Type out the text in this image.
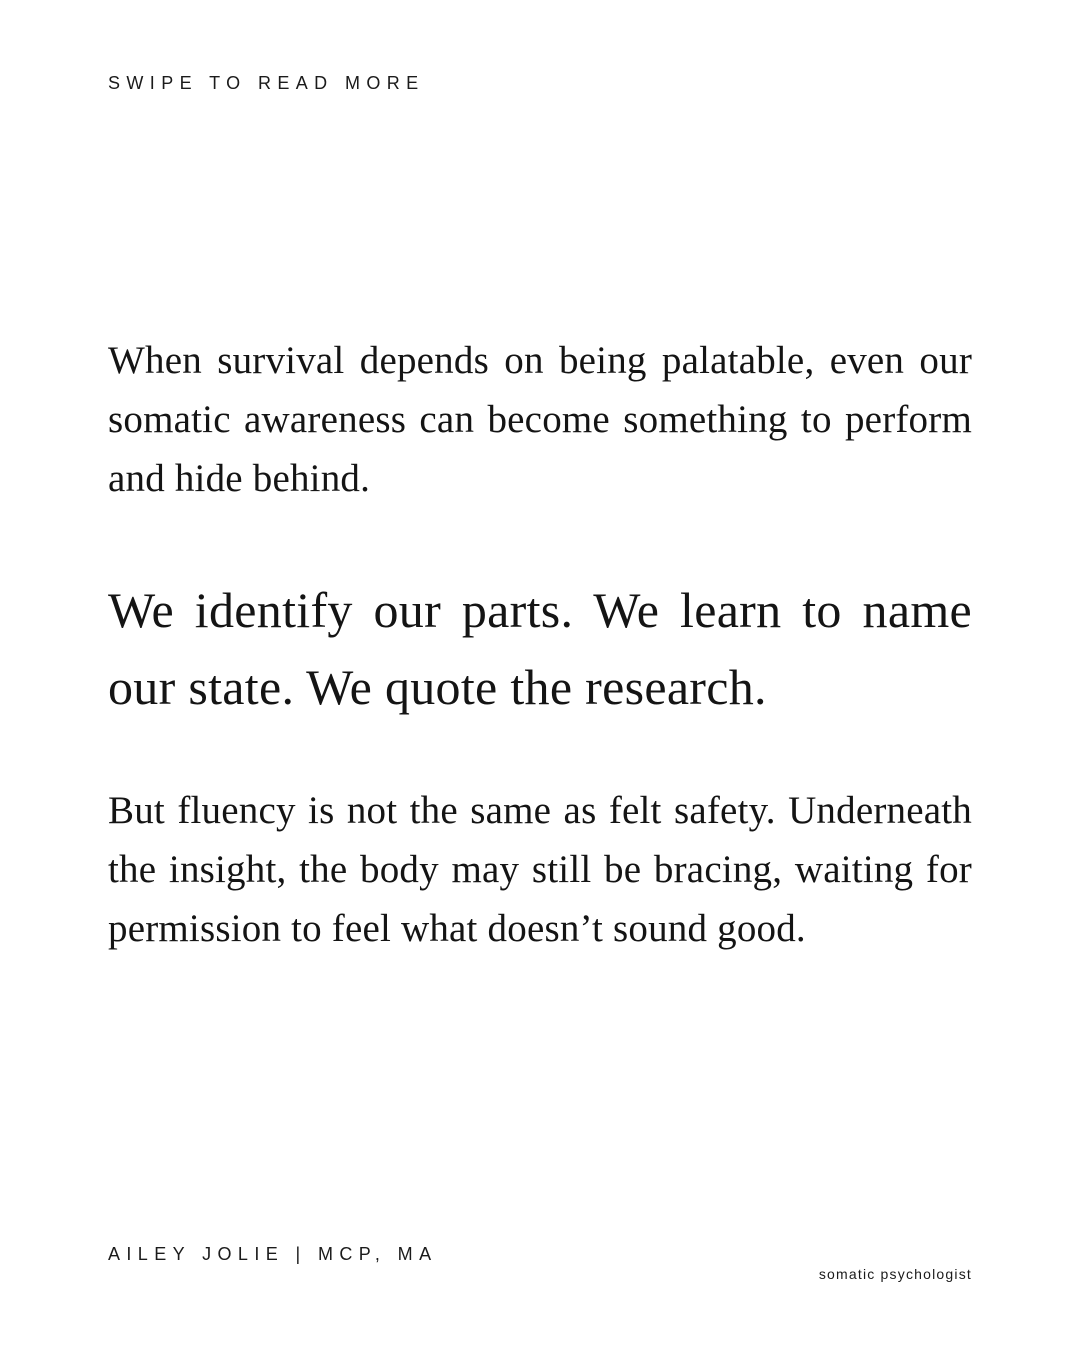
SWIPE TO READ MORE

When survival depends on being palatable, even our somatic awareness can become something to perform and hide behind.

We identify our parts. We learn to name our state. We quote the research.

But fluency is not the same as felt safety. Underneath the insight, the body may still be bracing, waiting for permission to feel what doesn’t sound good.

AILEY JOLIE | MCP, MA
somatic psychologist
